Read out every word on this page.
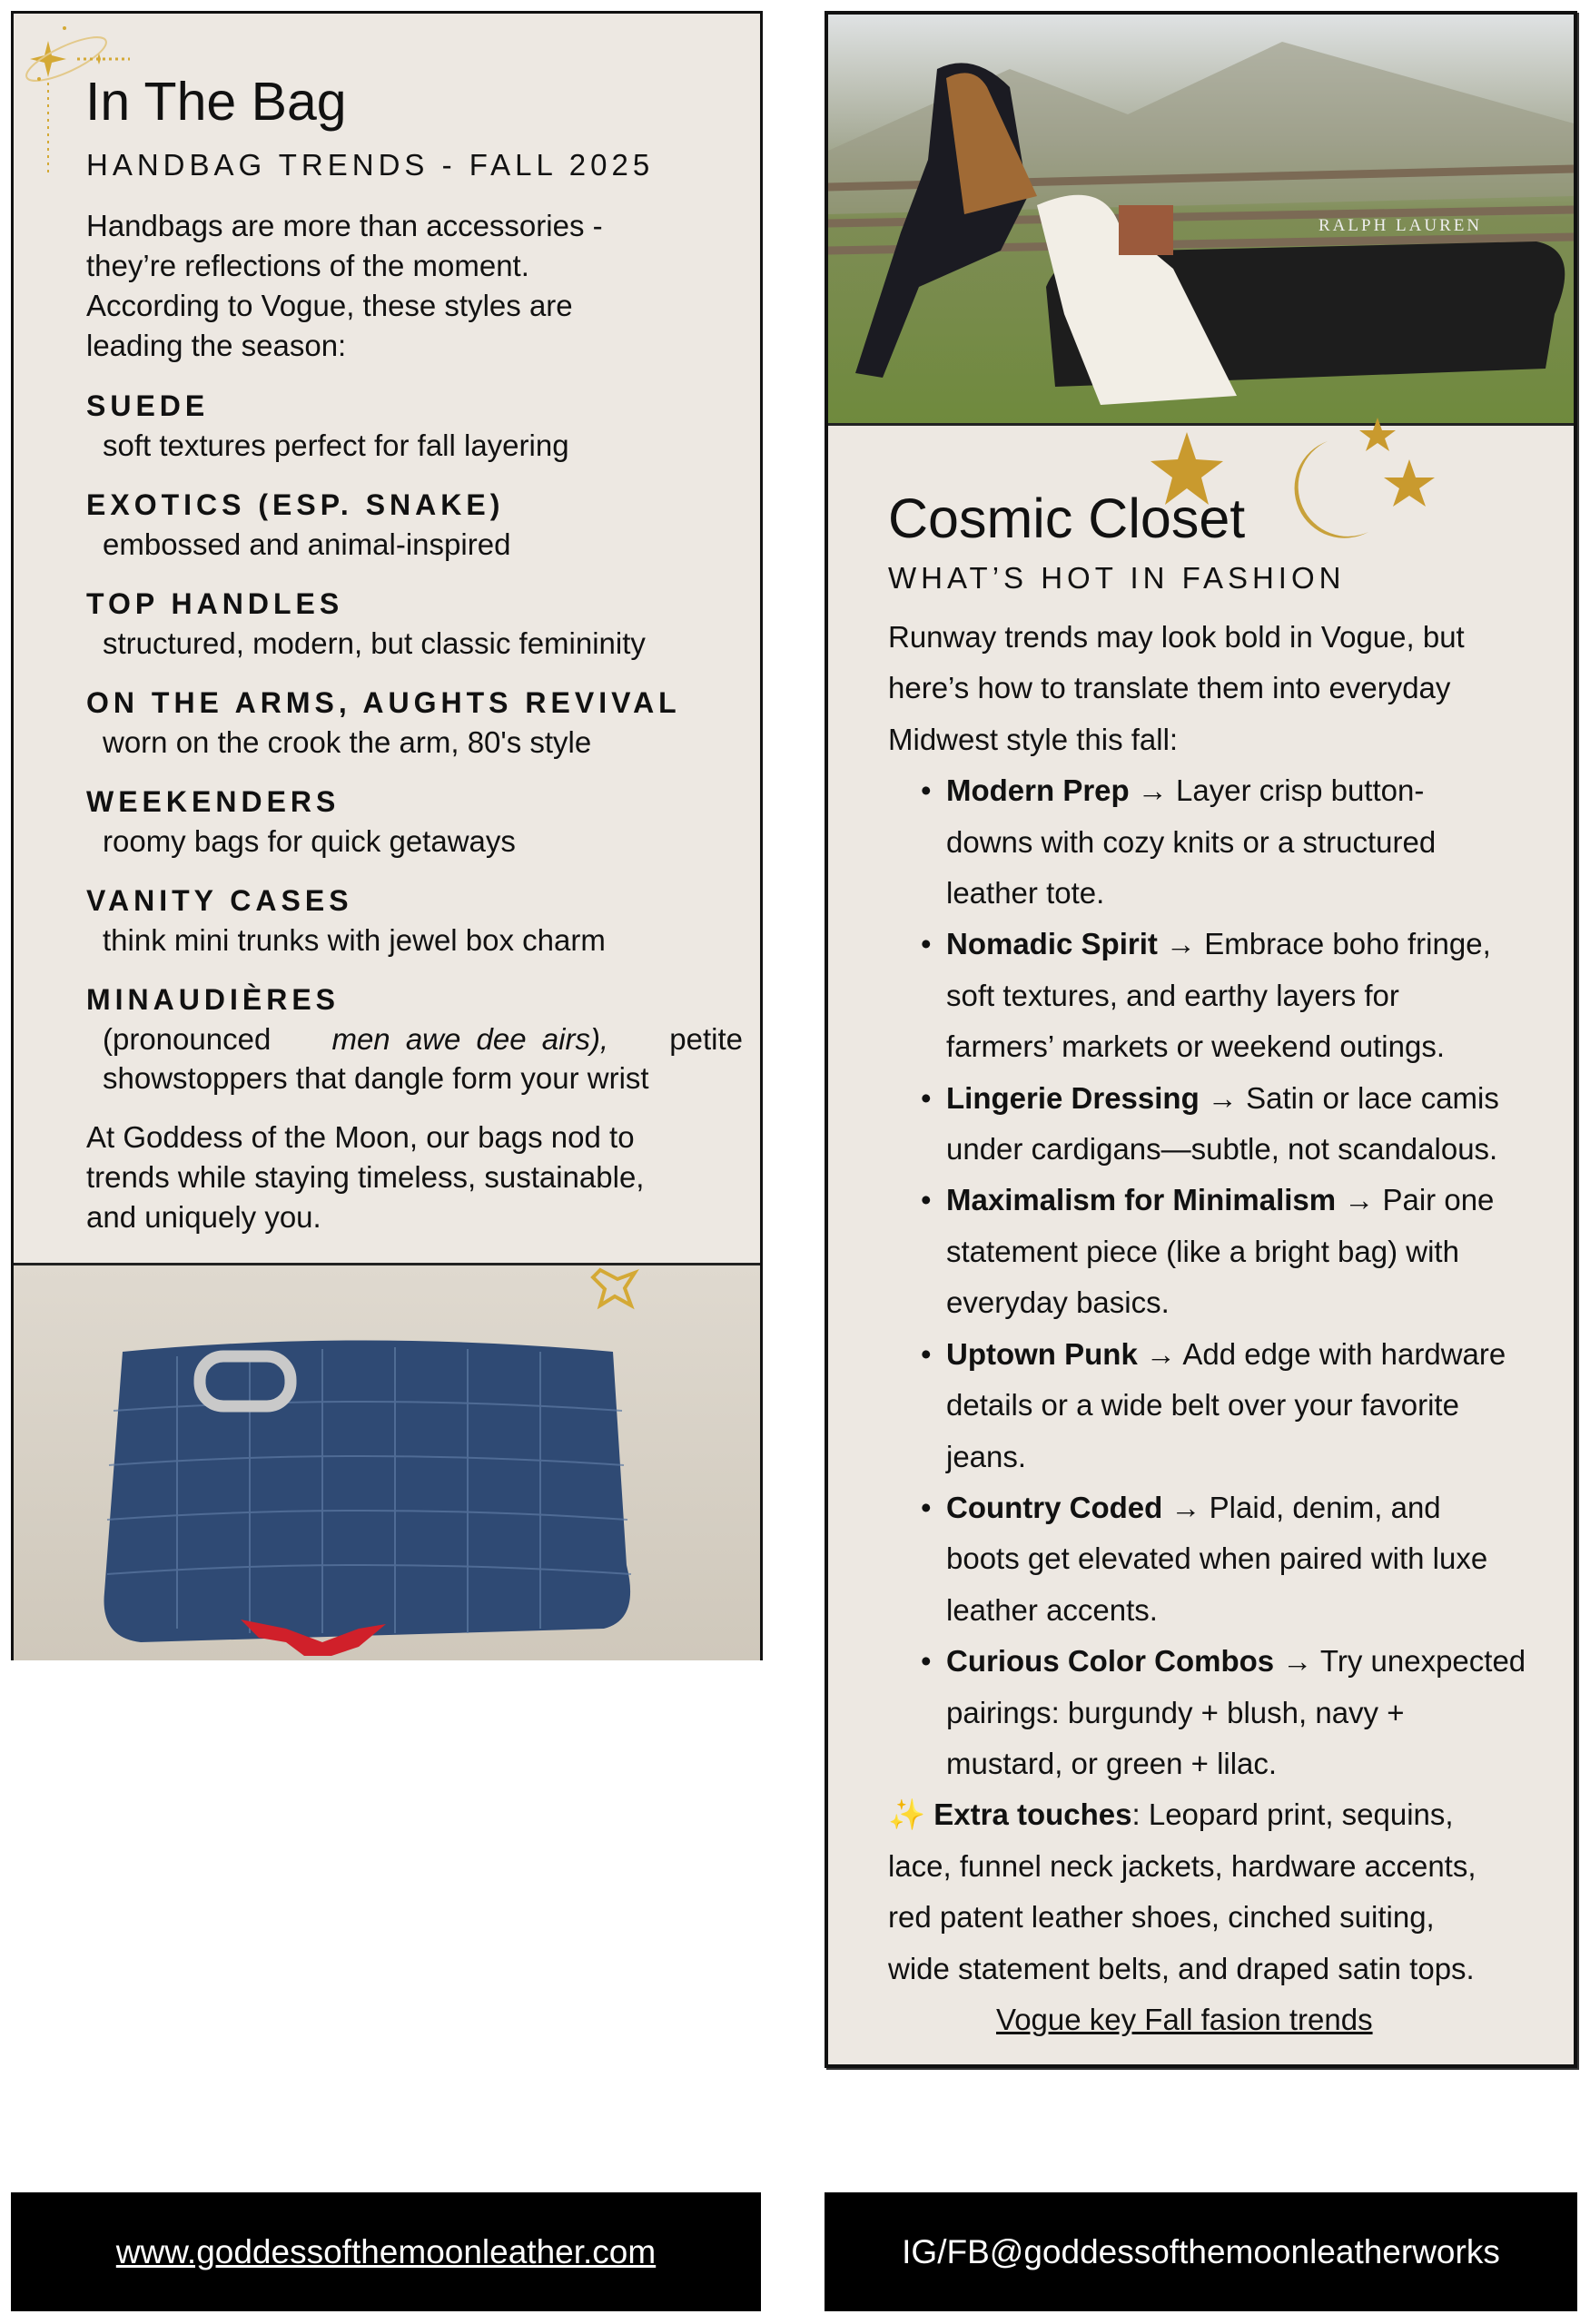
In The Bag
HANDBAG TRENDS - FALL 2025
Handbags are more than accessories -
they’re reflections of the moment.
According to Vogue, these styles are
leading the season:
SUEDE
soft textures perfect for fall layering
EXOTICS (ESP. SNAKE)
embossed and animal-inspired
TOP HANDLES
structured, modern, but classic femininity
ON THE ARMS, AUGHTS REVIVAL
worn on the crook the arm, 80's style
WEEKENDERS
roomy bags for quick getaways
VANITY CASES
think mini trunks with jewel box charm
MINAUDIÈRES
(pronounced men awe dee airs), petite
showstoppers that dangle form your wrist
At Goddess of the Moon, our bags nod to
trends while staying timeless, sustainable,
and uniquely you.
RALPH LAUREN
Cosmic Closet
WHAT’S HOT IN FASHION
Runway trends may look bold in Vogue, but
here’s how to translate them into everyday
Midwest style this fall:
• Modern Prep → Layer crisp button-
downs with cozy knits or a structured
leather tote.
• Nomadic Spirit → Embrace boho fringe,
soft textures, and earthy layers for
farmers’ markets or weekend outings.
• Lingerie Dressing → Satin or lace camis
under cardigans—subtle, not scandalous.
• Maximalism for Minimalism → Pair one
statement piece (like a bright bag) with
everyday basics.
• Uptown Punk → Add edge with hardware
details or a wide belt over your favorite
jeans.
• Country Coded → Plaid, denim, and
boots get elevated when paired with luxe
leather accents.
• Curious Color Combos → Try unexpected
pairings: burgundy + blush, navy +
mustard, or green + lilac.
✨ Extra touches: Leopard print, sequins,
lace, funnel neck jackets, hardware accents,
red patent leather shoes, cinched suiting,
wide statement belts, and draped satin tops.
Vogue key Fall fasion trends
www.goddessofthemoonleather.com	IG/FB@goddessofthemoonleatherworks
